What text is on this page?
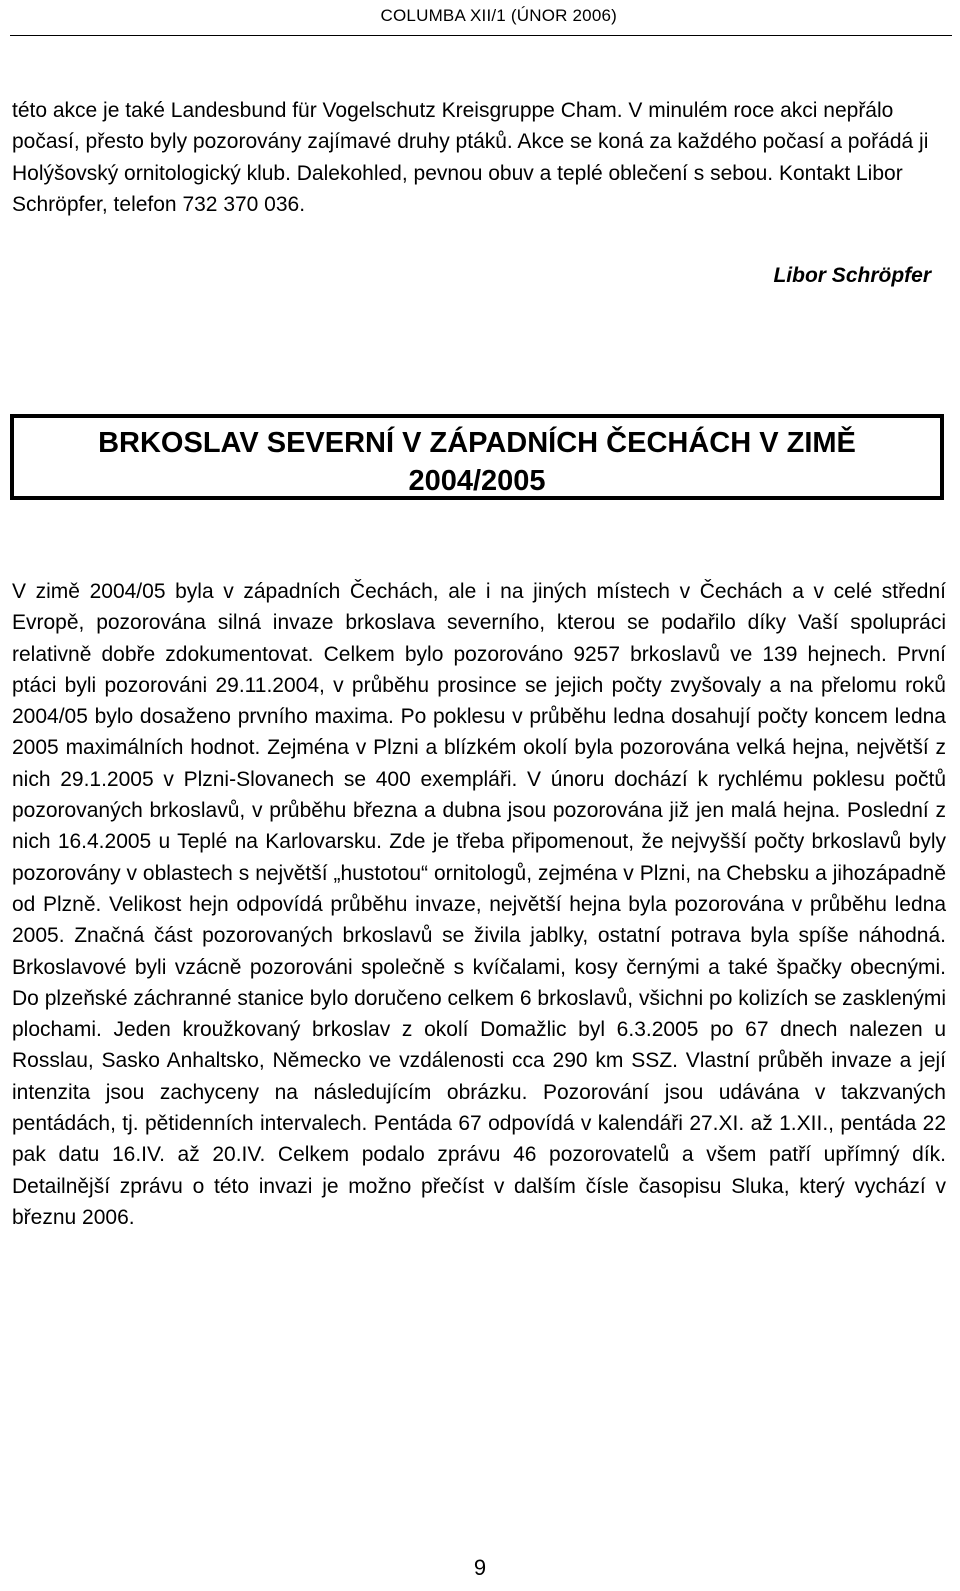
COLUMBA XII/1 (ÚNOR 2006)
této akce je také Landesbund für Vogelschutz Kreisgruppe Cham. V minulém roce akci nepřálo počasí, přesto byly pozorovány zajímavé druhy ptáků. Akce se koná za každého počasí a pořádá ji Holýšovský ornitologický klub. Dalekohled, pevnou obuv a teplé oblečení s sebou. Kontakt Libor Schröpfer, telefon 732 370 036.
Libor Schröpfer
BRKOSLAV SEVERNÍ V ZÁPADNÍCH ČECHÁCH V ZIMĚ
2004/2005
V zimě 2004/05 byla v západních Čechách, ale i na jiných místech v Čechách a v celé střední Evropě, pozorována silná invaze brkoslava severního, kterou se podařilo díky Vaší spolupráci relativně dobře zdokumentovat. Celkem bylo pozorováno 9257 brkoslavů ve 139 hejnech. První ptáci byli pozorováni 29.11.2004, v průběhu prosince se jejich počty zvyšovaly a na přelomu roků 2004/05 bylo dosaženo prvního maxima. Po poklesu v průběhu ledna dosahují počty koncem ledna 2005 maximálních hodnot. Zejména v Plzni a blízkém okolí byla pozorována velká hejna, největší z nich 29.1.2005 v Plzni-Slovanech se 400 exempláři. V únoru dochází k rychlému poklesu počtů pozorovaných brkoslavů, v průběhu března a dubna jsou pozorována již jen malá hejna. Poslední z nich 16.4.2005 u Teplé na Karlovarsku. Zde je třeba připomenout, že nejvyšší počty brkoslavů byly pozorovány v oblastech s největší „hustotou“ ornitologů, zejména v Plzni, na Chebsku a jihozápadně od Plzně. Velikost hejn odpovídá průběhu invaze, největší hejna byla pozorována v průběhu ledna 2005. Značná část pozorovaných brkoslavů se živila jablky, ostatní potrava byla spíše náhodná. Brkoslavové byli vzácně pozorováni společně s kvíčalami, kosy černými a také špačky obecnými. Do plzeňské záchranné stanice bylo doručeno celkem 6 brkoslavů, všichni po kolizích se zasklenými plochami. Jeden kroužkovaný brkoslav z okolí Domažlic byl 6.3.2005 po 67 dnech nalezen u Rosslau, Sasko Anhaltsko, Německo ve vzdálenosti cca 290 km SSZ. Vlastní průběh invaze a její intenzita jsou zachyceny na následujícím obrázku. Pozorování jsou udávána v takzvaných pentádách, tj. pětidenních intervalech. Pentáda 67 odpovídá v kalendáři 27.XI. až 1.XII., pentáda 22 pak datu 16.IV. až 20.IV. Celkem podalo zprávu 46 pozorovatelů a všem patří upřímný dík. Detailnější zprávu o této invazi je možno přečíst v dalším čísle časopisu Sluka, který vychází v březnu 2006.
9
